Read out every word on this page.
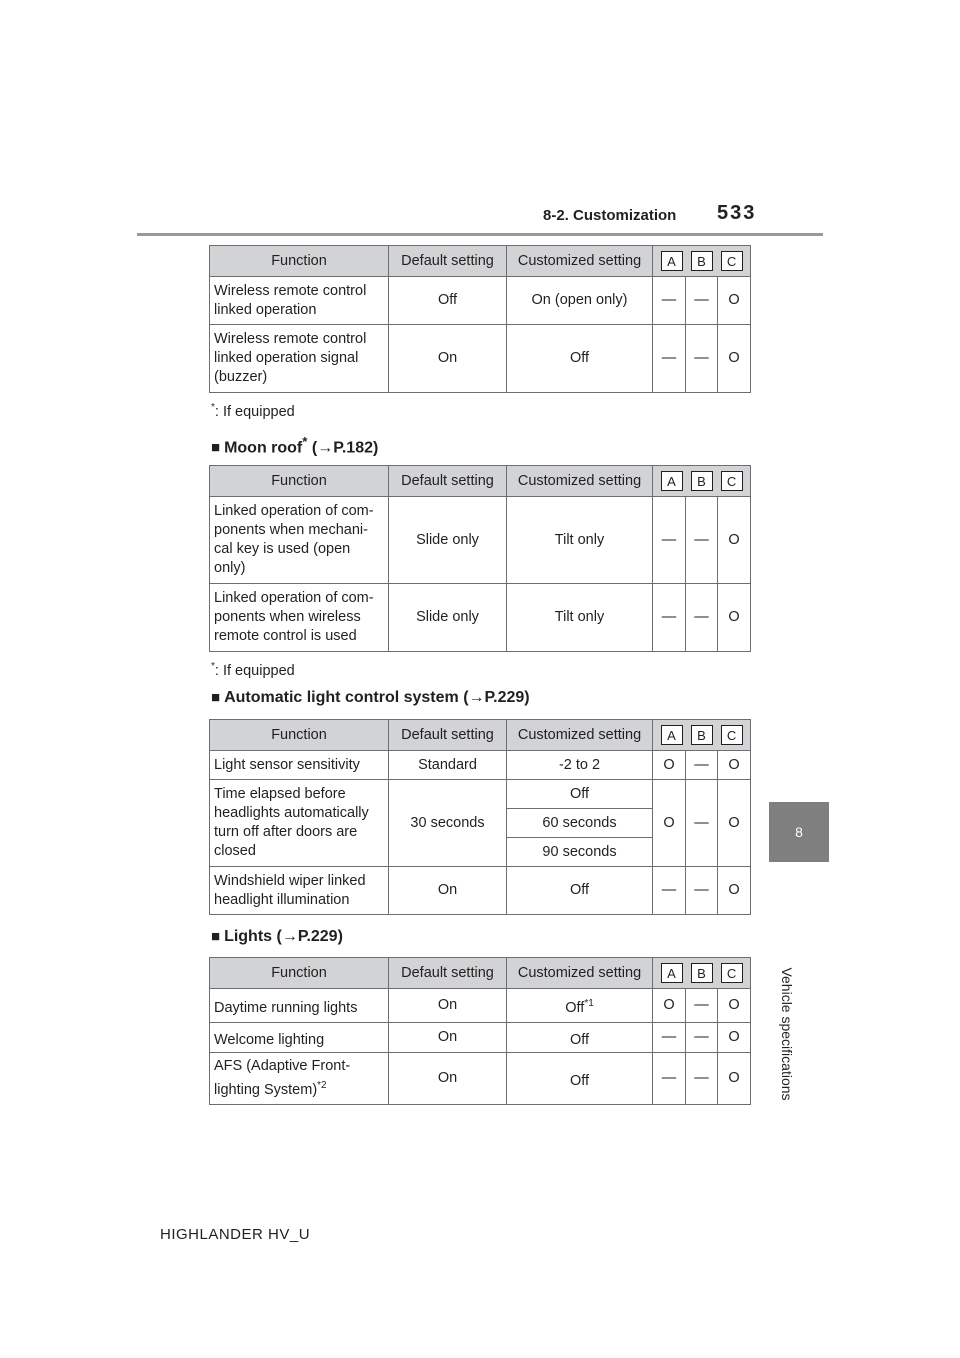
8-2. Customization 533
8
Vehicle specifications
Function	Default setting	Customized setting	A B C		

Wireless remote control linked operation	Off	On (open only)	—	—	O
Wireless remote control linked operation signal (buzzer)	On	Off	—	—	O
*: If equipped
■ Moon roof* (→P.182)
Function	Default setting	Customized setting	A B C		

Linked operation of com-ponents when mechani-cal key is used (open only)	Slide only	Tilt only	—	—	O
Linked operation of com-ponents when wireless remote control is used	Slide only	Tilt only	—	—	O
*: If equipped
■ Automatic light control system (→P.229)
Function	Default setting	Customized setting	A B C		

Light sensor sensitivity	Standard	-2 to 2	O	—	O
Time elapsed before headlights automatically turn off after doors are closed	30 seconds	Off	O	—	O
		60 seconds			
		90 seconds			
Windshield wiper linked headlight illumination	On	Off	—	—	O
■ Lights (→P.229)
Function	Default setting	Customized setting	A B C		

Daytime running lights	On	Off$^{*1}$	O	—	O
Welcome lighting	On	Off	—	—	O
AFS (Adaptive Front-lighting System)$^{*2}$	On	Off	—	—	O
HIGHLANDER HV_U
